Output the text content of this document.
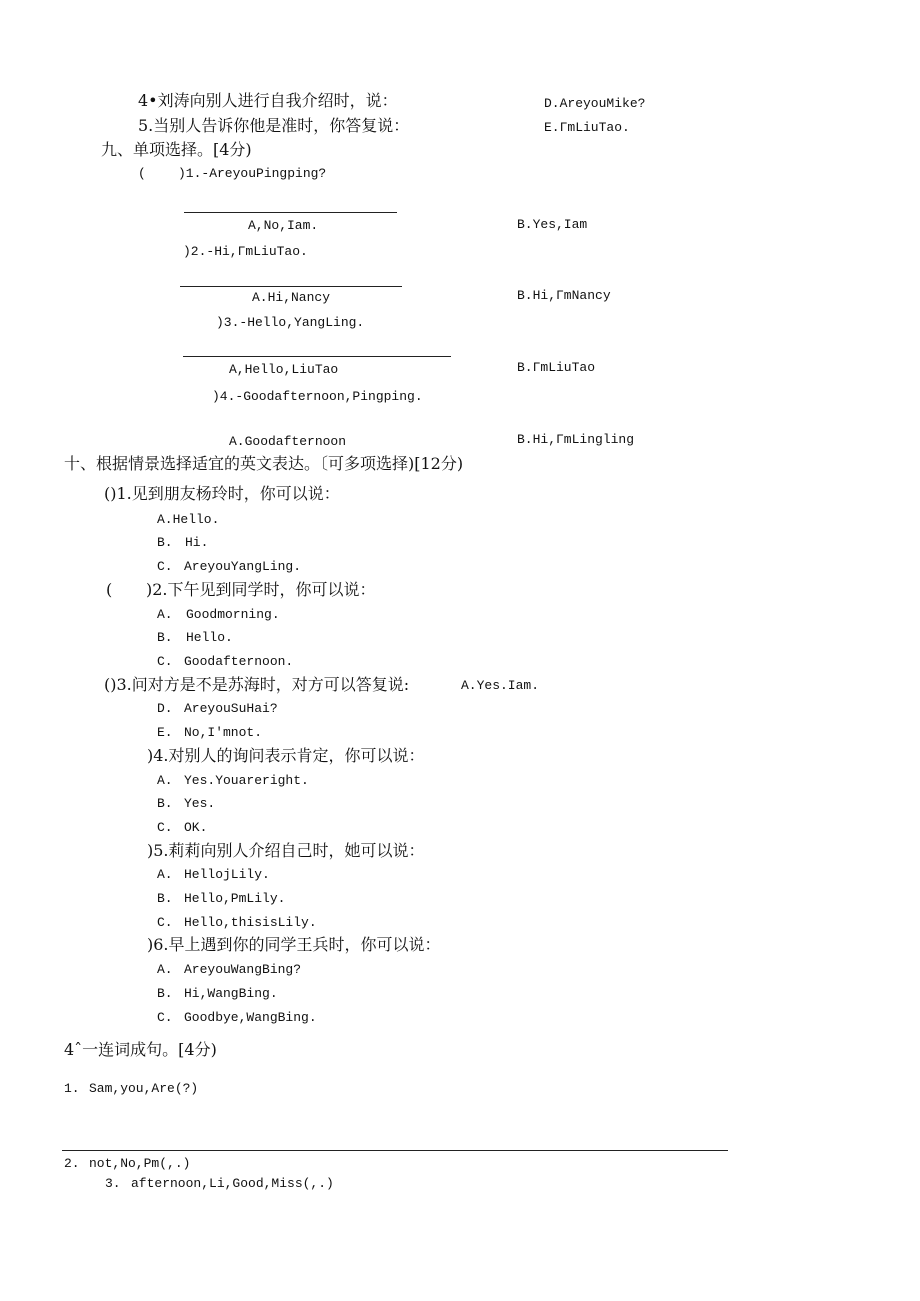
4•刘涛向别人进行自我介绍时，说：	D.AreyouMike?
5.当别人告诉你他是准时，你答复说：	E.ΓmLiuTao.
九、单项选择。[4分)
( )1.-AreyouPingping?
A,No,Iam.	B.Yes,Iam
)2.-Hi,ΓmLiuTao.
A.Hi,Nancy	B.Hi,ΓmNancy
)3.-Hello,YangLing.
A,Hello,LiuTao	B.ΓmLiuTao
)4.-Goodafternoon,Pingping.
A.Goodafternoon	B.Hi,ΓmLingling
十、根据情景选择适宜的英文表达。〔可多项选择)[12分)
()1.见到朋友杨玲时，你可以说：
A.Hello.
B. Hi.
C. AreyouYangLing.
( )2.下午见到同学时，你可以说：
A. Goodmorning.
B. Hello.
C. Goodafternoon.
()3.问对方是不是苏海时，对方可以答复说:	A.Yes.Iam.
D. AreyouSuHai?
E. No,I'mnot.
)4.对别人的询问表示肯定，你可以说：
A. Yes.Youareright.
B. Yes.
C. OK.
)5.莉莉向别人介绍自己时，她可以说：
A. HellojLily.
B. Hello,PmLily.
C. Hello,thisisLily.
)6.早上遇到你的同学王兵时，你可以说：
A. AreyouWangBing?
B. Hi,WangBing.
C. Goodbye,WangBing.
4ˆ一连词成句。[4分)
1. Sam,you,Are(?)
2. not,No,Pm(,.)
3. afternoon,Li,Good,Miss(,.)
